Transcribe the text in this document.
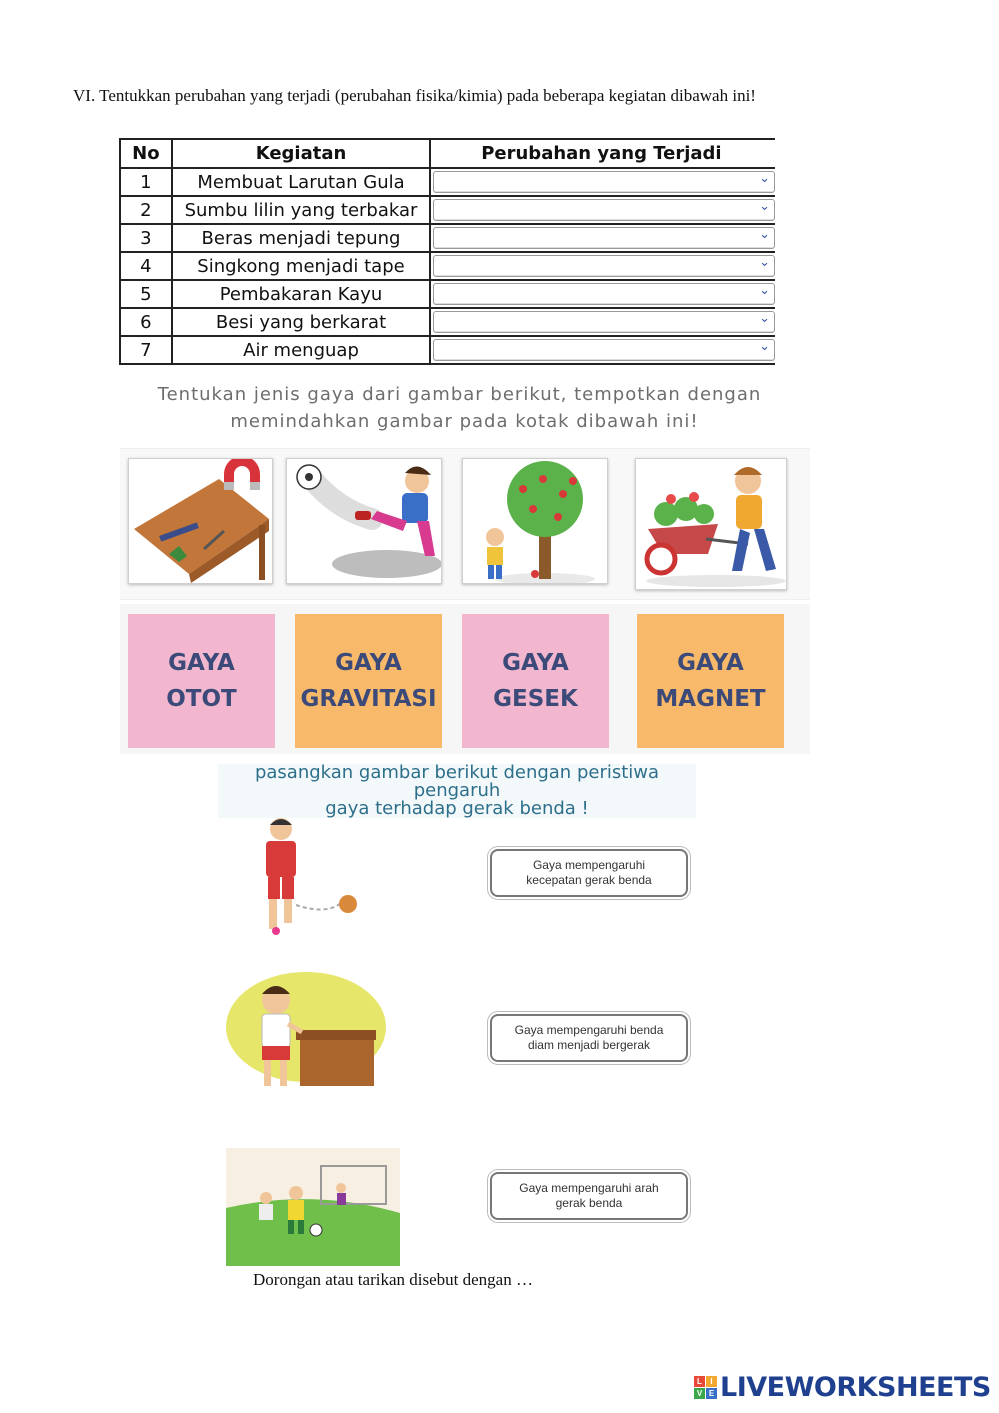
VI. Tentukkan perubahan yang terjadi (perubahan fisika/kimia) pada beberapa kegiatan dibawah ini!
No	Kegiatan	Perubahan yang Terjadi
1	Membuat Larutan Gula	⌄

2	Sumbu lilin yang terbakar	⌄

3	Beras menjadi tepung	⌄

4	Singkong menjadi tape	⌄

5	Pembakaran Kayu	⌄

6	Besi yang berkarat	⌄

7	Air menguap	⌄
Tentukan jenis gaya dari gambar berikut, tempotkan dengan
memindahkan gambar pada kotak dibawah ini!
GAYA
OTOT
GAYA
GRAVITASI
GAYA
GESEK
GAYA
MAGNET
pasangkan gambar berikut dengan peristiwa pengaruh
gaya terhadap gerak benda !
Gaya mempengaruhi
kecepatan gerak benda
Gaya mempengaruhi benda
diam menjadi bergerak
Gaya mempengaruhi arah
gerak benda
Dorongan atau tarikan disebut dengan …
L	I
V E LIVEWORKSHEETS
